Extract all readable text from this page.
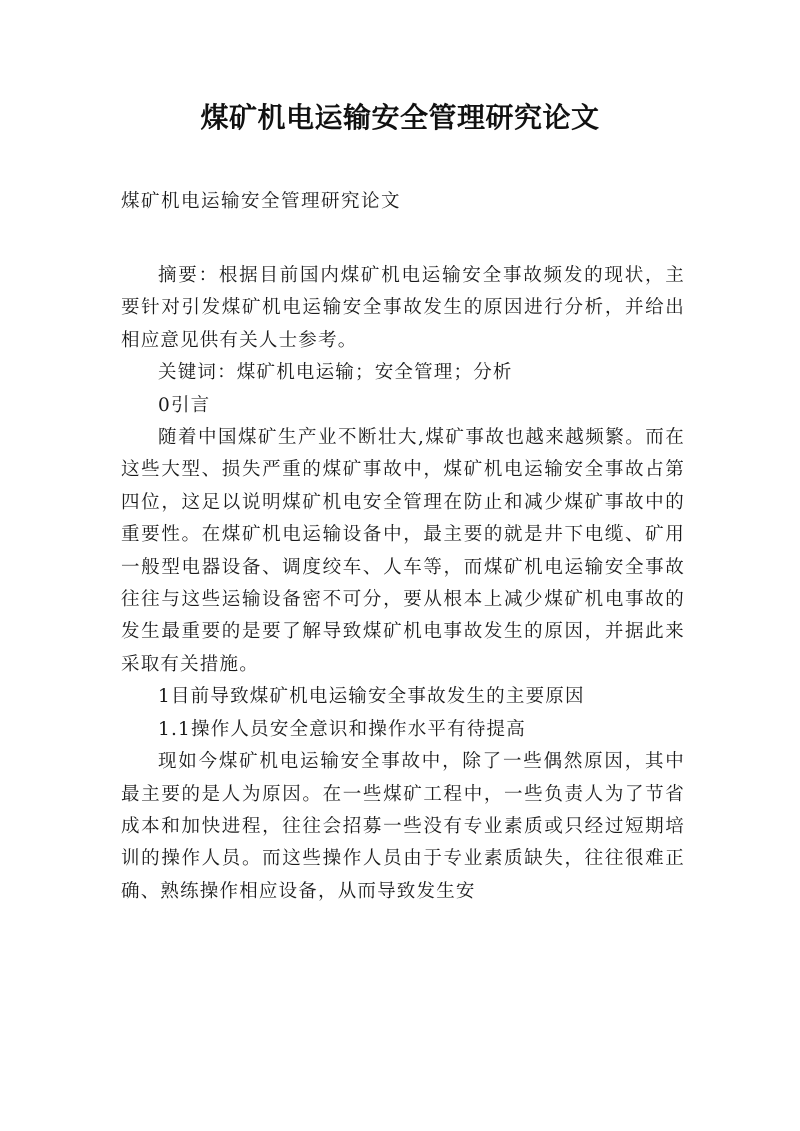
煤矿机电运输安全管理研究论文

煤矿机电运输安全管理研究论文

摘要：根据目前国内煤矿机电运输安全事故频发的现状，主要针对引发煤矿机电运输安全事故发生的原因进行分析，并给出相应意见供有关人士参考。

关键词：煤矿机电运输；安全管理；分析

0引言

随着中国煤矿生产业不断壮大,煤矿事故也越来越频繁。而在这些大型、损失严重的煤矿事故中，煤矿机电运输安全事故占第四位，这足以说明煤矿机电安全管理在防止和减少煤矿事故中的重要性。在煤矿机电运输设备中，最主要的就是井下电缆、矿用一般型电器设备、调度绞车、人车等，而煤矿机电运输安全事故往往与这些运输设备密不可分，要从根本上减少煤矿机电事故的发生最重要的是要了解导致煤矿机电事故发生的原因，并据此来采取有关措施。

1目前导致煤矿机电运输安全事故发生的主要原因

1.1操作人员安全意识和操作水平有待提高

现如今煤矿机电运输安全事故中，除了一些偶然原因，其中最主要的是人为原因。在一些煤矿工程中，一些负责人为了节省成本和加快进程，往往会招募一些没有专业素质或只经过短期培训的操作人员。而这些操作人员由于专业素质缺失，往往很难正确、熟练操作相应设备，从而导致发生安
